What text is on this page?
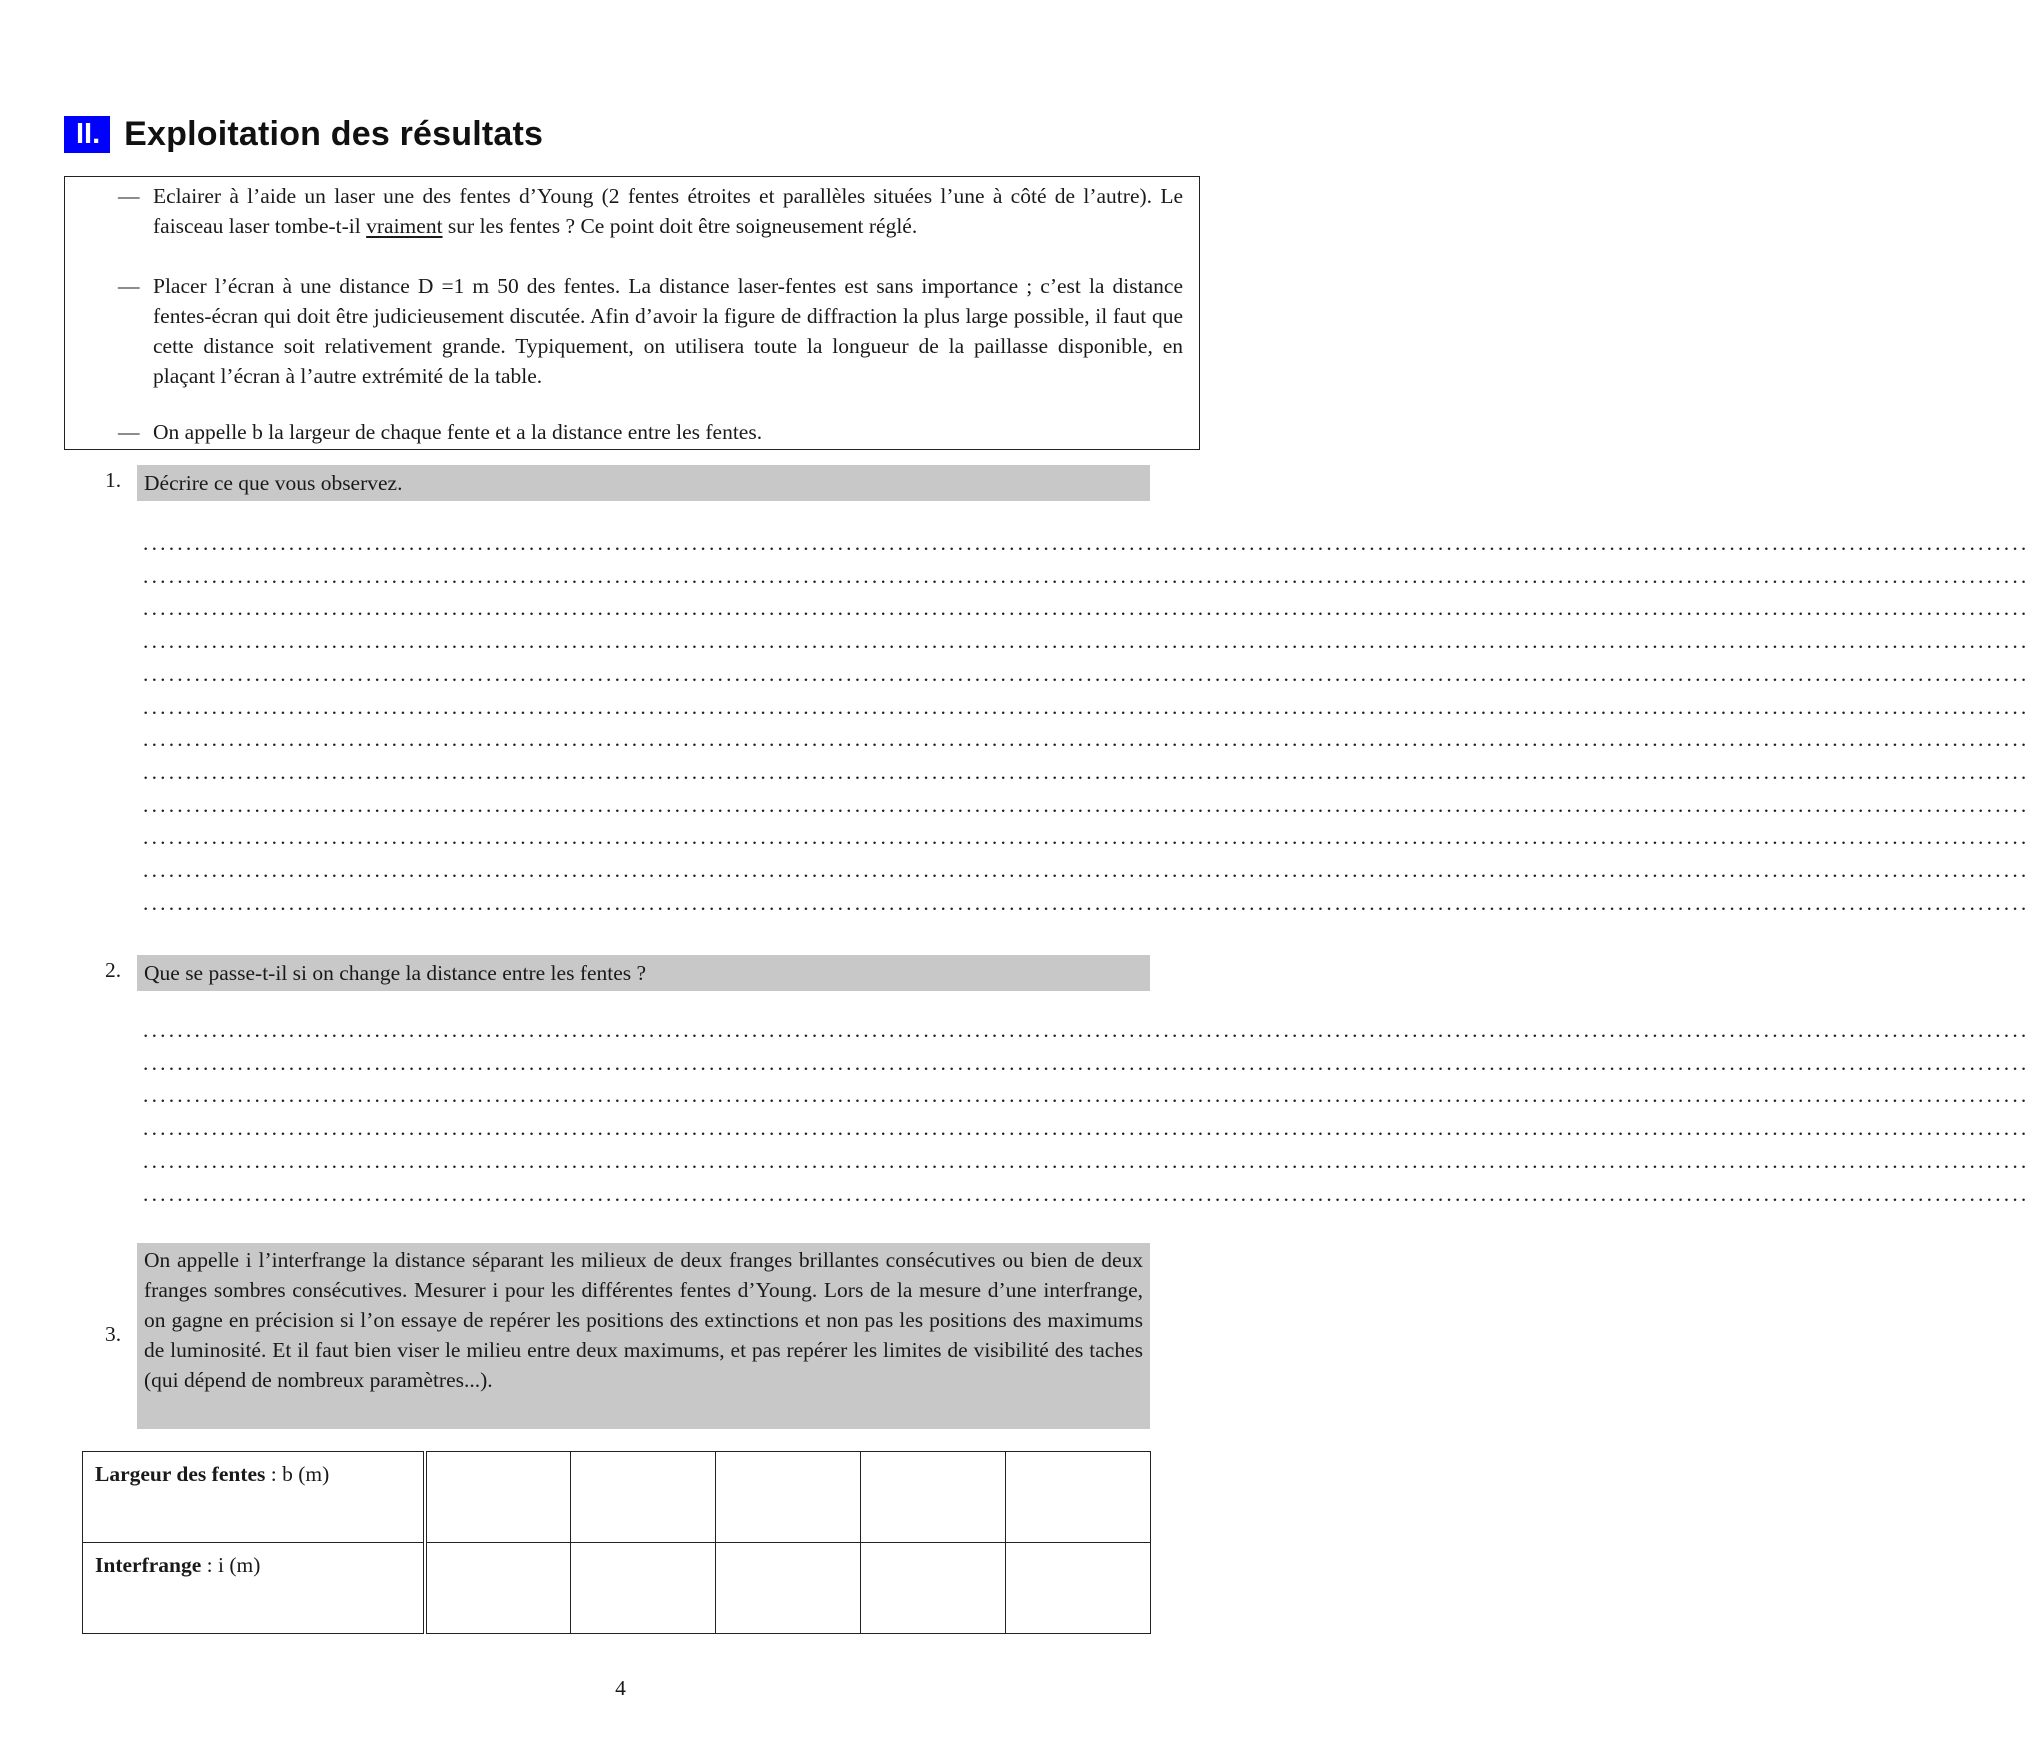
II. Exploitation des résultats
— Eclairer à l’aide un laser une des fentes d’Young (2 fentes étroites et parallèles situées l’une à côté de l’autre). Le faisceau laser tombe-t-il vraiment sur les fentes ? Ce point doit être soigneusement réglé.
— Placer l’écran à une distance D =1 m 50 des fentes. La distance laser-fentes est sans importance ; c’est la distance fentes-écran qui doit être judicieusement discutée. Afin d’avoir la figure de diffraction la plus large possible, il faut que cette distance soit relativement grande. Typiquement, on utilisera toute la longueur de la paillasse disponible, en plaçant l’écran à l’autre extrémité de la table.
— On appelle b la largeur de chaque fente et a la distance entre les fentes.
1.	Décrire ce que vous observez.
............................................................................................................................................................................................................................
............................................................................................................................................................................................................................
............................................................................................................................................................................................................................
............................................................................................................................................................................................................................
............................................................................................................................................................................................................................
............................................................................................................................................................................................................................
............................................................................................................................................................................................................................
............................................................................................................................................................................................................................
............................................................................................................................................................................................................................
............................................................................................................................................................................................................................
............................................................................................................................................................................................................................
............................................................................................................................................................................................................................
2.	Que se passe-t-il si on change la distance entre les fentes ?
............................................................................................................................................................................................................................
............................................................................................................................................................................................................................
............................................................................................................................................................................................................................
............................................................................................................................................................................................................................
............................................................................................................................................................................................................................
............................................................................................................................................................................................................................
3.
On appelle i l’interfrange la distance séparant les milieux de deux franges brillantes consécutives ou bien de deux franges sombres consécutives. Mesurer i pour les différentes fentes d’Young. Lors de la mesure d’une interfrange, on gagne en précision si l’on essaye de repérer les positions des extinctions et non pas les positions des maximums de luminosité. Et il faut bien viser le milieu entre deux maximums, et pas repérer les limites de visibilité des taches (qui dépend de nombreux paramètres...).
Largeur des fentes : b (m)					
Interfrange : i (m)					
4
